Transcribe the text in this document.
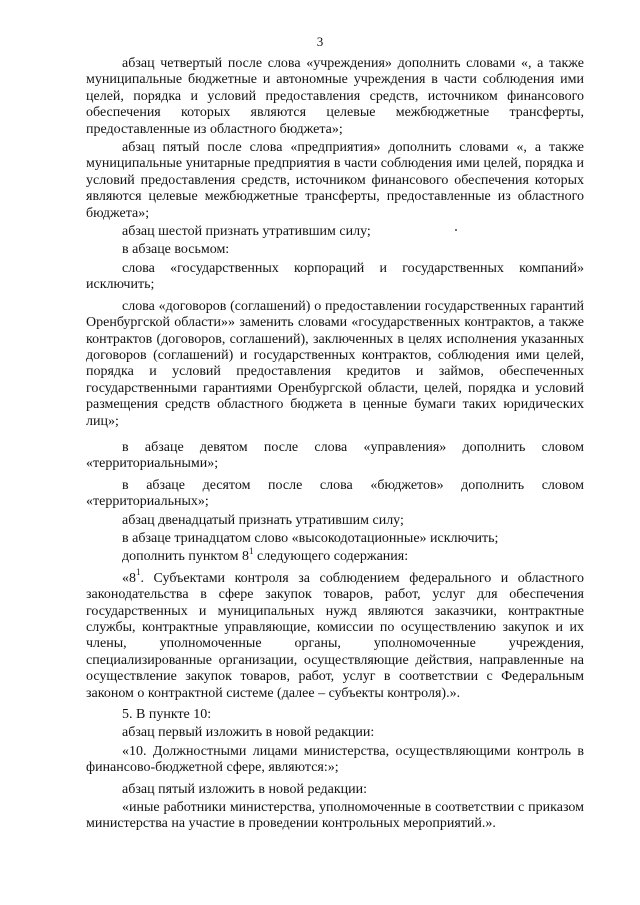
3

абзац четвертый после слова «учреждения» дополнить словами «, а также муниципальные бюджетные и автономные учреждения в части соблюдения ими целей, порядка и условий предоставления средств, источником финансового обеспечения которых являются целевые межбюджетные трансферты, предоставленные из областного бюджета»;

абзац пятый после слова «предприятия» дополнить словами «, а также муниципальные унитарные предприятия в части соблюдения ими целей, порядка и условий предоставления средств, источником финансового обеспечения которых являются целевые межбюджетные трансферты, предоставленные из областного бюджета»;

абзац шестой признать утратившим силу;

в абзаце восьмом:

слова «государственных корпораций и государственных компаний» исключить;

слова «договоров (соглашений) о предоставлении государственных гарантий Оренбургской области»» заменить словами «государственных контрактов, а также контрактов (договоров, соглашений), заключенных в целях исполнения указанных договоров (соглашений) и государственных контрактов, соблюдения ими целей, порядка и условий предоставления кредитов и займов, обеспеченных государственными гарантиями Оренбургской области, целей, порядка и условий размещения средств областного бюджета в ценные бумаги таких юридических лиц»;

в абзаце девятом после слова «управления» дополнить словом «территориальными»;

в абзаце десятом после слова «бюджетов» дополнить словом «территориальных»;

абзац двенадцатый признать утратившим силу;

в абзаце тринадцатом слово «высокодотационные» исключить;

дополнить пунктом $8^1$ следующего содержания:

«$8^1$. Субъектами контроля за соблюдением федерального и областного законодательства в сфере закупок товаров, работ, услуг для обеспечения государственных и муниципальных нужд являются заказчики, контрактные службы, контрактные управляющие, комиссии по осуществлению закупок и их члены, уполномоченные органы, уполномоченные учреждения, специализированные организации, осуществляющие действия, направленные на осуществление закупок товаров, работ, услуг в соответствии с Федеральным законом о контрактной системе (далее – субъекты контроля).».

5. В пункте 10:

абзац первый изложить в новой редакции:

«10. Должностными лицами министерства, осуществляющими контроль в финансово-бюджетной сфере, являются:»;

абзац пятый изложить в новой редакции:

«иные работники министерства, уполномоченные в соответствии с приказом министерства на участие в проведении контрольных мероприятий.».
